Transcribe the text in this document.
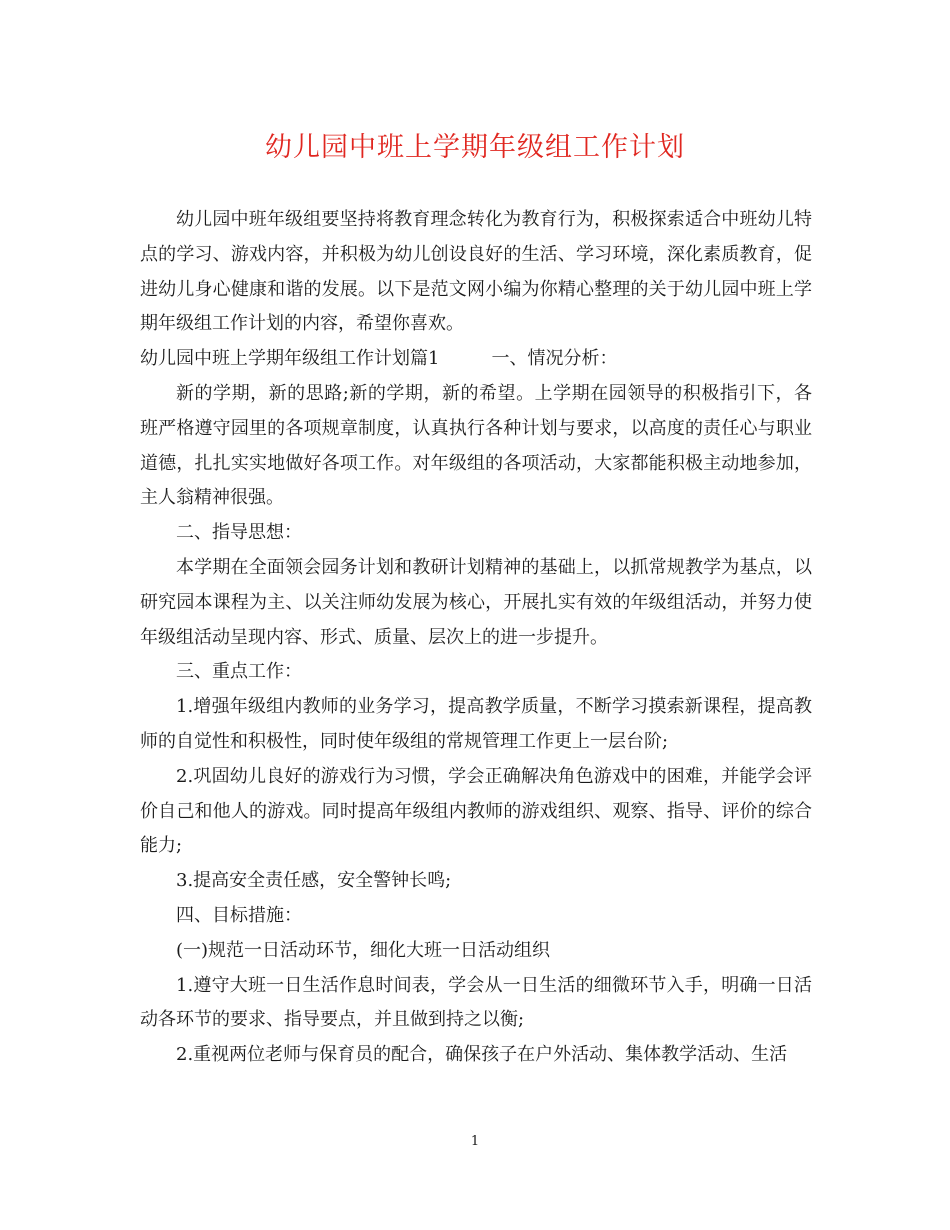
幼儿园中班上学期年级组工作计划

幼儿园中班年级组要坚持将教育理念转化为教育行为，积极探索适合中班幼儿特点的学习、游戏内容，并积极为幼儿创设良好的生活、学习环境，深化素质教育，促进幼儿身心健康和谐的发展。以下是范文网小编为你精心整理的关于幼儿园中班上学期年级组工作计划的内容，希望你喜欢。

幼儿园中班上学期年级组工作计划篇1	一、情况分析：

新的学期，新的思路;新的学期，新的希望。上学期在园领导的积极指引下，各班严格遵守园里的各项规章制度，认真执行各种计划与要求，以高度的责任心与职业道德，扎扎实实地做好各项工作。对年级组的各项活动，大家都能积极主动地参加，主人翁精神很强。

二、指导思想：

本学期在全面领会园务计划和教研计划精神的基础上，以抓常规教学为基点，以研究园本课程为主、以关注师幼发展为核心，开展扎实有效的年级组活动，并努力使年级组活动呈现内容、形式、质量、层次上的进一步提升。

三、重点工作：

1.增强年级组内教师的业务学习，提高教学质量，不断学习摸索新课程，提高教师的自觉性和积极性，同时使年级组的常规管理工作更上一层台阶;

2.巩固幼儿良好的游戏行为习惯，学会正确解决角色游戏中的困难，并能学会评价自己和他人的游戏。同时提高年级组内教师的游戏组织、观察、指导、评价的综合能力;

3.提高安全责任感，安全警钟长鸣;

四、目标措施：

(一)规范一日活动环节，细化大班一日活动组织

1.遵守大班一日生活作息时间表，学会从一日生活的细微环节入手，明确一日活动各环节的要求、指导要点，并且做到持之以衡;

2.重视两位老师与保育员的配合，确保孩子在户外活动、集体教学活动、生活

1
